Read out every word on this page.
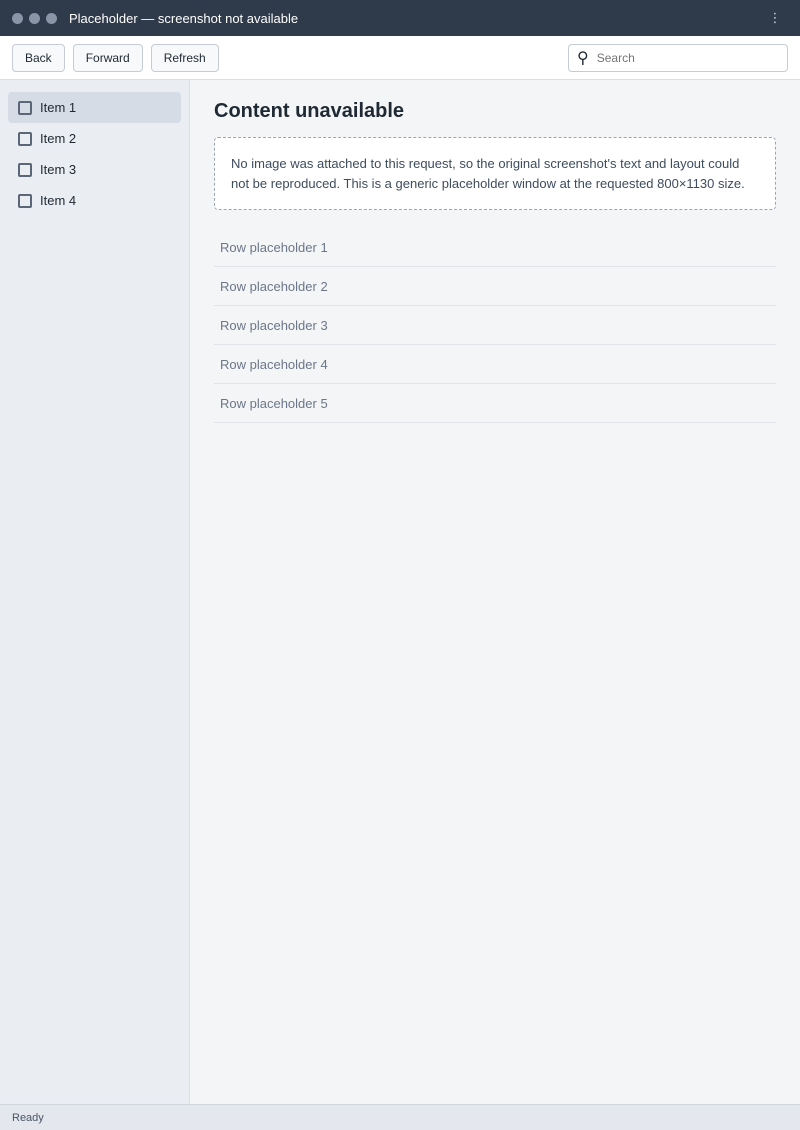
Placeholder — screenshot not available	⋮
Back	Forward	Refresh	⚲
Search
Item 1
Item 2
Item 3
Item 4
Content unavailable
No image was attached to this request, so the original screenshot's text and layout could not be reproduced. This is a generic placeholder window at the requested 800×1130 size.
Row placeholder 1
Row placeholder 2
Row placeholder 3
Row placeholder 4
Row placeholder 5
Ready
